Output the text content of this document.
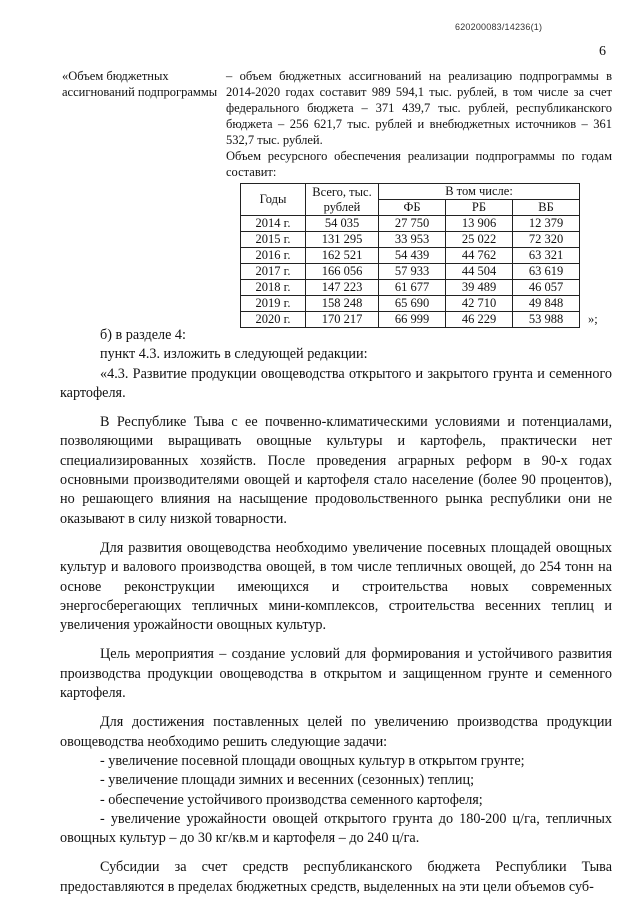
620200083/14236(1)
6
«Объем бюджетных ассигнований подпрограммы

– объем бюджетных ассигнований на реализацию подпрограммы в 2014-2020 годах составит 989 594,1 тыс. рублей, в том числе за счет федерального бюджета – 371 439,7 тыс. рублей, республиканского бюджета – 256 621,7 тыс. рублей и внебюджетных источников – 361 532,7 тыс. рублей.

Объем ресурсного обеспечения реализации подпрограммы по годам составит:

Годы	Всего, тыс. рублей	В том числе:		
		ФБ	РБ	ВБ
2014 г.	54 035	27 750	13 906	12 379
2015 г.	131 295	33 953	25 022	72 320
2016 г.	162 521	54 439	44 762	63 321
2017 г.	166 056	57 933	44 504	63 619
2018 г.	147 223	61 677	39 489	46 057
2019 г.	158 248	65 690	42 710	49 848
2020 г.	170 217	66 999	46 229	53 988 »;

б) в разделе 4:

пункт 4.3. изложить в следующей редакции:

«4.3. Развитие продукции овощеводства открытого и закрытого грунта и семенного картофеля.

В Республике Тыва с ее почвенно-климатическими условиями и потенциалами, позволяющими выращивать овощные культуры и картофель, практически нет специализированных хозяйств. После проведения аграрных реформ в 90-х годах основными производителями овощей и картофеля стало население (более 90 процентов), но решающего влияния на насыщение продовольственного рынка республики они не оказывают в силу низкой товарности.

Для развития овощеводства необходимо увеличение посевных площадей овощных культур и валового производства овощей, в том числе тепличных овощей, до 254 тонн на основе реконструкции имеющихся и строительства новых современных энергосберегающих тепличных мини-комплексов, строительства весенних теплиц и увеличения урожайности овощных культур.

Цель мероприятия – создание условий для формирования и устойчивого развития производства продукции овощеводства в открытом и защищенном грунте и семенного картофеля.

Для достижения поставленных целей по увеличению производства продукции овощеводства необходимо решить следующие задачи:

- увеличение посевной площади овощных культур в открытом грунте;

- увеличение площади зимних и весенних (сезонных) теплиц;

- обеспечение устойчивого производства семенного картофеля;

- увеличение урожайности овощей открытого грунта до 180-200 ц/га, тепличных овощных культур – до 30 кг/кв.м и картофеля – до 240 ц/га.

Субсидии за счет средств республиканского бюджета Республики Тыва предоставляются в пределах бюджетных средств, выделенных на эти цели объемов суб-
